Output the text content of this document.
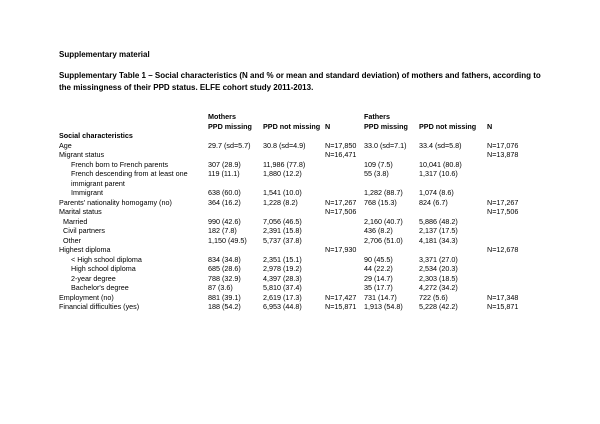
Supplementary material
Supplementary Table 1 – Social characteristics (N and % or mean and standard deviation) of mothers and fathers, according to the missingness of their PPD status. ELFE cohort study 2011-2013.
	Mothers			Fathers		
	PPD missing	PPD not missing	N	PPD missing	PPD not missing	N
Social characteristics						
Age	29.7 (sd=5.7)	30.8 (sd=4.9)	N=17,850	33.0 (sd=7.1)	33.4 (sd=5.8)	N=17,076
Migrant status			N=16,471			N=13,878
French born to French parents	307 (28.9)	11,986 (77.8)		109 (7.5)	10,041 (80.8)	
French descending from at least one immigrant parent	119 (11.1)	1,880 (12.2)		55 (3.8)	1,317 (10.6)	
Immigrant	638 (60.0)	1,541 (10.0)		1,282 (88.7)	1,074 (8.6)	
Parents' nationality homogamy (no)	364 (16.2)	1,228 (8.2)	N=17,267	768 (15.3)	824 (6.7)	N=17,267
Marital status			N=17,506			N=17,506
Married	990 (42.6)	7,056 (46.5)		2,160 (40.7)	5,886 (48.2)	
Civil partners	182 (7.8)	2,391 (15.8)		436 (8.2)	2,137 (17.5)	
Other	1,150 (49.5)	5,737 (37.8)		2,706 (51.0)	4,181 (34.3)	
Highest diploma			N=17,930			N=12,678
< High school diploma	834 (34.8)	2,351 (15.1)		90 (45.5)	3,371 (27.0)	
High school diploma	685 (28.6)	2,978 (19.2)		44 (22.2)	2,534 (20.3)	
2-year degree	788 (32.9)	4,397 (28.3)		29 (14.7)	2,303 (18.5)	
Bachelor's degree	87 (3.6)	5,810 (37.4)		35 (17.7)	4,272 (34.2)	
Employment (no)	881 (39.1)	2,619 (17.3)	N=17,427	731 (14.7)	722 (5.6)	N=17,348
Financial difficulties (yes)	188 (54.2)	6,953 (44.8)	N=15,871	1,913 (54.8)	5,228 (42.2)	N=15,871
